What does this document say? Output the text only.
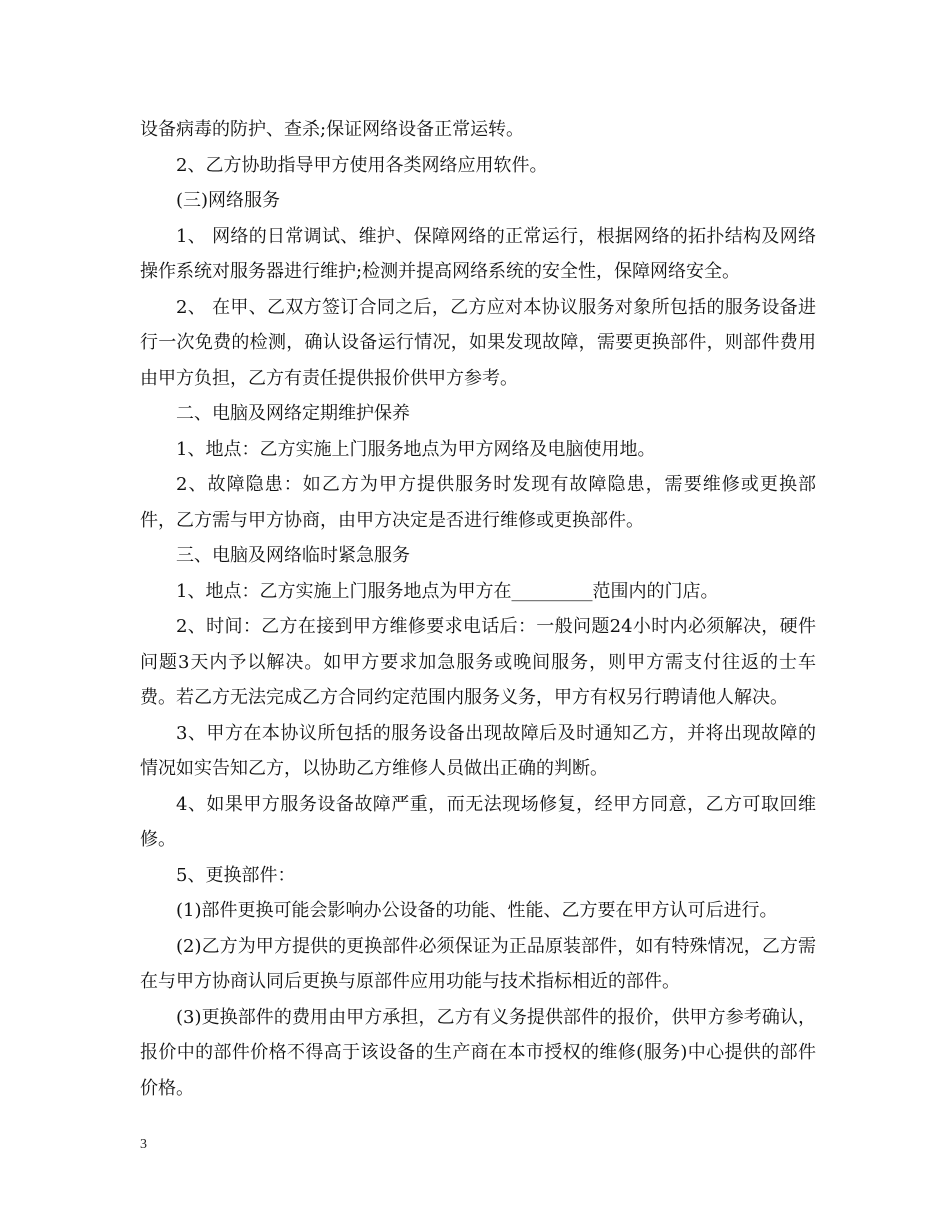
设备病毒的防护、查杀;保证网络设备正常运转。

2、乙方协助指导甲方使用各类网络应用软件。

(三)网络服务

1、 网络的日常调试、维护、保障网络的正常运行，根据网络的拓扑结构及网络操作系统对服务器进行维护;检测并提高网络系统的安全性，保障网络安全。

2、 在甲、乙双方签订合同之后，乙方应对本协议服务对象所包括的服务设备进行一次免费的检测，确认设备运行情况，如果发现故障，需要更换部件，则部件费用由甲方负担，乙方有责任提供报价供甲方参考。

二、电脑及网络定期维护保养

1、地点：乙方实施上门服务地点为甲方网络及电脑使用地。

2、故障隐患：如乙方为甲方提供服务时发现有故障隐患，需要维修或更换部件，乙方需与甲方协商，由甲方决定是否进行维修或更换部件。

三、电脑及网络临时紧急服务

1、地点：乙方实施上门服务地点为甲方在_________范围内的门店。

2、时间：乙方在接到甲方维修要求电话后：一般问题24小时内必须解决，硬件问题3天内予以解决。如甲方要求加急服务或晚间服务，则甲方需支付往返的士车费。若乙方无法完成乙方合同约定范围内服务义务，甲方有权另行聘请他人解决。

3、甲方在本协议所包括的服务设备出现故障后及时通知乙方，并将出现故障的情况如实告知乙方，以协助乙方维修人员做出正确的判断。

4、如果甲方服务设备故障严重，而无法现场修复，经甲方同意，乙方可取回维修。

5、更换部件：

(1)部件更换可能会影响办公设备的功能、性能、乙方要在甲方认可后进行。

(2)乙方为甲方提供的更换部件必须保证为正品原装部件，如有特殊情况，乙方需在与甲方协商认同后更换与原部件应用功能与技术指标相近的部件。

(3)更换部件的费用由甲方承担，乙方有义务提供部件的报价，供甲方参考确认，报价中的部件价格不得高于该设备的生产商在本市授权的维修(服务)中心提供的部件价格。

3
